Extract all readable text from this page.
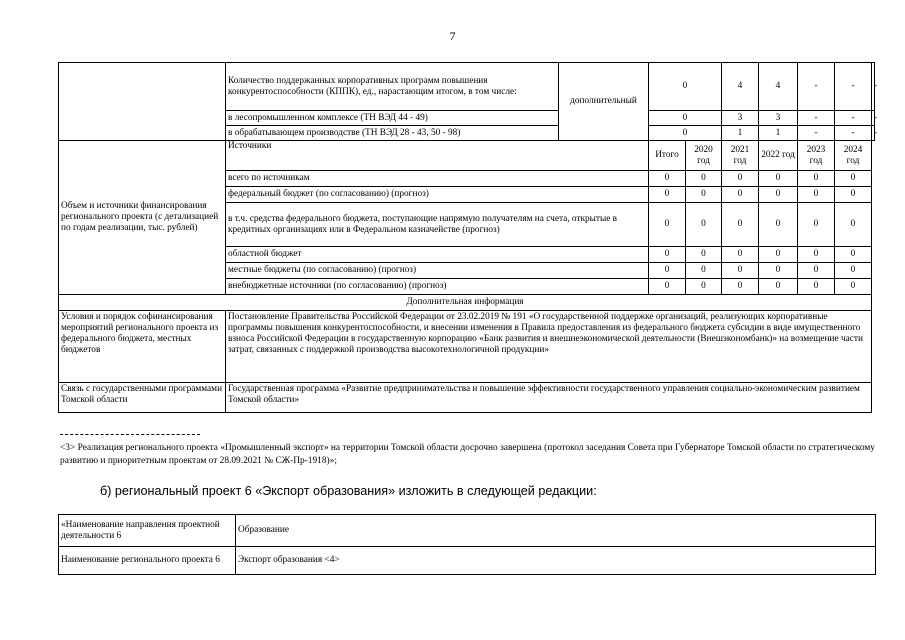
7
	Количество поддержанных корпоративных программ повышения конкурентоспособности (КППК), ед., нарастающим итогом, в том числе:	дополнительный	0		4	4	-	-	-
	в лесопромышленном комплексе (ТН ВЭД 44 - 49)		0		3	3	-	-	-
	в обрабатывающем производстве (ТН ВЭД 28 - 43, 50 - 98)		0		1	1	-	-	-
Объем и источники финансирования регионального проекта (с детализацией по годам реализации, тыс. рублей)	Источники		Итого	2020 год	2021 год	2022 год	2023 год	2024 год	
	всего по источникам		0	0	0	0	0	0	
	федеральный бюджет (по согласованию) (прогноз)		0	0	0	0	0	0	
	в т.ч. средства федерального бюджета, поступающие напрямую получателям на счета, открытые в кредитных организациях или в Федеральном казначействе (прогноз)		0	0	0	0	0	0	
	областной бюджет		0	0	0	0	0	0	
	местные бюджеты (по согласованию) (прогноз)		0	0	0	0	0	0	
	внебюджетные источники (по согласованию) (прогноз)		0	0	0	0	0	0	
Дополнительная информация									
Условия и порядок софинансирования мероприятий регионального проекта из федерального бюджета, местных бюджетов	Постановление Правительства Российской Федерации от 23.02.2019 № 191 «О государственной поддержке организаций, реализующих корпоративные программы повышения конкурентоспособности, и внесении изменения в Правила предоставления из федерального бюджета субсидии в виде имущественного взноса Российской Федерации в государственную корпорацию «Банк развития и внешнеэкономической деятельности (Внешэкономбанк)» на возмещение части затрат, связанных с поддержкой производства высокотехнологичной продукции»								
Связь с государственными программами Томской области	Государственная программа «Развитие предпринимательства и повышение эффективности государственного управления социально-экономическим развитием Томской области»								
<3> Реализация регионального проекта «Промышленный экспорт» на территории Томской области досрочно завершена (протокол заседания Совета при Губернаторе Томской области по стратегическому развитию и приоритетным проектам от 28.09.2021 № СЖ-Пр-1918)»;
б) региональный проект 6 «Экспорт образования» изложить в следующей редакции:
«Наименование направления проектной деятельности 6	Образование
Наименование регионального проекта 6	Экспорт образования <4>
